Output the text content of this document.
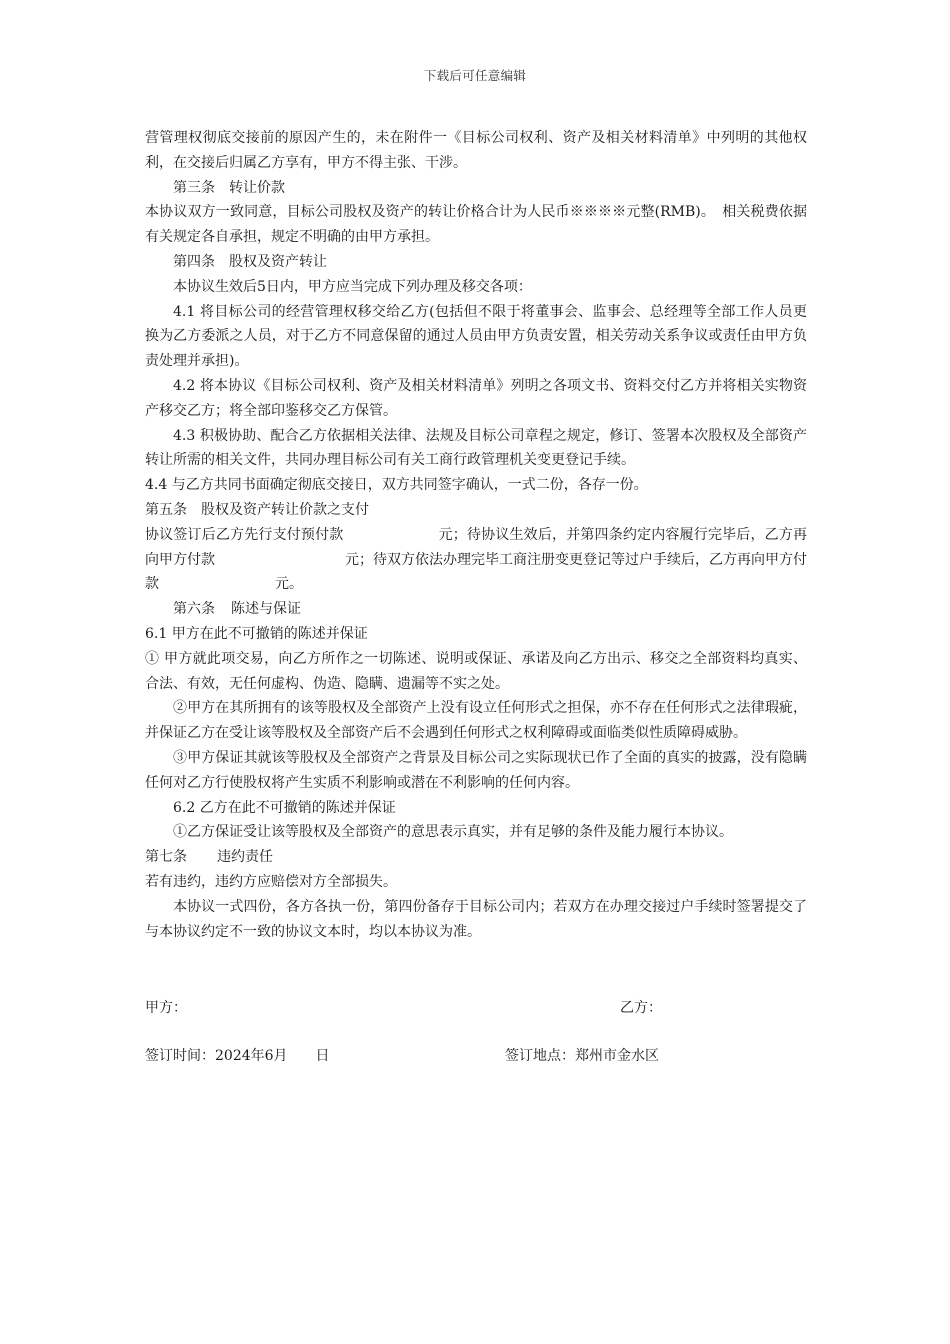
下载后可任意编辑

营管理权彻底交接前的原因产生的，未在附件一《目标公司权利、资产及相关材料清单》中列明的其他权利，在交接后归属乙方享有，甲方不得主张、干涉。

第三条　转让价款

本协议双方一致同意，目标公司股权及资产的转让价格合计为人民币※※※※元整(RMB)。　相关税费依据有关规定各自承担，规定不明确的由甲方承担。

第四条　股权及资产转让

本协议生效后5日内，甲方应当完成下列办理及移交各项：

4.1 将目标公司的经营管理权移交给乙方(包括但不限于将董事会、监事会、总经理等全部工作人员更换为乙方委派之人员，对于乙方不同意保留的通过人员由甲方负责安置，相关劳动关系争议或责任由甲方负责处理并承担)。

4.2 将本协议《目标公司权利、资产及相关材料清单》列明之各项文书、资料交付乙方并将相关实物资产移交乙方；将全部印鉴移交乙方保管。

4.3 积极协助、配合乙方依据相关法律、法规及目标公司章程之规定，修订、签署本次股权及全部资产转让所需的相关文件，共同办理目标公司有关工商行政管理机关变更登记手续。

4.4 与乙方共同书面确定彻底交接日，双方共同签字确认，一式二份，各存一份。

第五条　股权及资产转让价款之支付

协议签订后乙方先行支付预付款	元；待协议生效后，并第四条约定内容履行完毕后，乙方再向甲方付款	元；待双方依法办理完毕工商注册变更登记等过户手续后，乙方再向甲方付款	元。

第六条 陈述与保证

6.1 甲方在此不可撤销的陈述并保证

① 甲方就此项交易，向乙方所作之一切陈述、说明或保证、承诺及向乙方出示、移交之全部资料均真实、合法、有效，无任何虚构、伪造、隐瞒、遗漏等不实之处。

②甲方在其所拥有的该等股权及全部资产上没有设立任何形式之担保，亦不存在任何形式之法律瑕疵，并保证乙方在受让该等股权及全部资产后不会遇到任何形式之权利障碍或面临类似性质障碍威胁。

③甲方保证其就该等股权及全部资产之背景及目标公司之实际现状已作了全面的真实的披露，没有隐瞒任何对乙方行使股权将产生实质不利影响或潜在不利影响的任何内容。

6.2 乙方在此不可撤销的陈述并保证

①乙方保证受让该等股权及全部资产的意思表示真实，并有足够的条件及能力履行本协议。

第七条 违约责任

若有违约，违约方应赔偿对方全部损失。

本协议一式四份，各方各执一份，第四份备存于目标公司内；若双方在办理交接过户手续时签署提交了与本协议约定不一致的协议文本时，均以本协议为准。

甲方：	乙方：
签订时间：2024年6月　　日	签订地点：郑州市金水区
